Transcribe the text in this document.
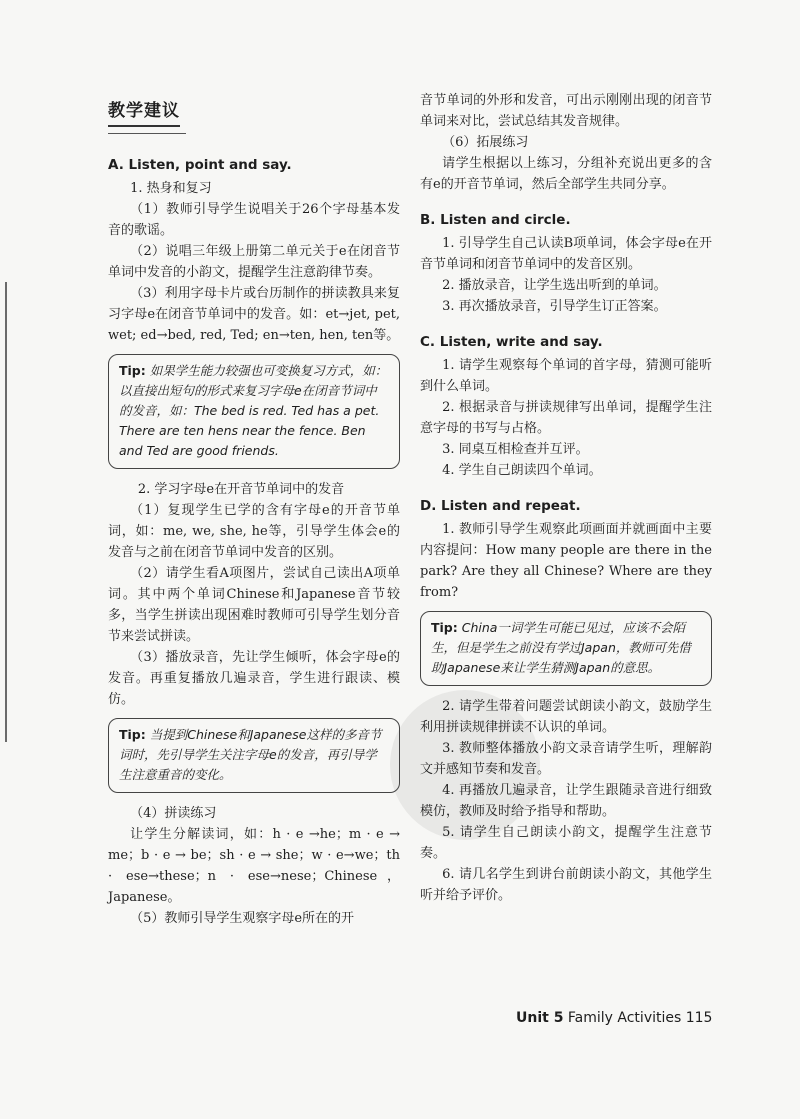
教学建议
A. Listen, point and say.

1. 热身和复习

（1）教师引导学生说唱关于26个字母基本发音的歌谣。

（2）说唱三年级上册第二单元关于e在闭音节单词中发音的小韵文，提醒学生注意韵律节奏。

（3）利用字母卡片或台历制作的拼读教具来复习字母e在闭音节单词中的发音。如：et→jet, pet, wet; ed→bed, red, Ted; en→ten, hen, ten等。

Tip: 如果学生能力较强也可变换复习方式，如：以直接出短句的形式来复习字母e在闭音节词中的发音，如：The bed is red. Ted has a pet. There are ten hens near the fence. Ben and Ted are good friends.

2. 学习字母e在开音节单词中的发音

（1）复现学生已学的含有字母e的开音节单词，如：me, we, she, he等，引导学生体会e的发音与之前在闭音节单词中发音的区别。

（2）请学生看A项图片，尝试自己读出A项单词。其中两个单词Chinese和Japanese音节较多，当学生拼读出现困难时教师可引导学生划分音节来尝试拼读。

（3）播放录音，先让学生倾听，体会字母e的发音。再重复播放几遍录音，学生进行跟读、模仿。

Tip: 当提到Chinese和Japanese这样的多音节词时，先引导学生关注字母e的发音，再引导学生注意重音的变化。

（4）拼读练习

让学生分解读词，如：h · e →he；m · e → me；b · e → be；sh · e → she；w · e→we；th · ese→these；n · ese→nese；Chinese，Japanese。

（5）教师引导学生观察字母e所在的开

音节单词的外形和发音，可出示刚刚出现的闭音节单词来对比，尝试总结其发音规律。

（6）拓展练习

请学生根据以上练习，分组补充说出更多的含有e的开音节单词，然后全部学生共同分享。

B. Listen and circle.

1. 引导学生自己认读B项单词，体会字母e在开音节单词和闭音节单词中的发音区别。

2. 播放录音，让学生选出听到的单词。

3. 再次播放录音，引导学生订正答案。

C. Listen, write and say.

1. 请学生观察每个单词的首字母，猜测可能听到什么单词。

2. 根据录音与拼读规律写出单词，提醒学生注意字母的书写与占格。

3. 同桌互相检查并互评。

4. 学生自己朗读四个单词。

D. Listen and repeat.

1. 教师引导学生观察此项画面并就画面中主要内容提问：How many people are there in the park? Are they all Chinese? Where are they from?

Tip: China一词学生可能已见过，应该不会陌生，但是学生之前没有学过Japan，教师可先借助Japanese来让学生猜测Japan的意思。

2. 请学生带着问题尝试朗读小韵文，鼓励学生利用拼读规律拼读不认识的单词。

3. 教师整体播放小韵文录音请学生听，理解韵文并感知节奏和发音。

4. 再播放几遍录音，让学生跟随录音进行细致模仿，教师及时给予指导和帮助。

5. 请学生自己朗读小韵文，提醒学生注意节奏。

6. 请几名学生到讲台前朗读小韵文，其他学生听并给予评价。

Unit 5 Family Activities 115
